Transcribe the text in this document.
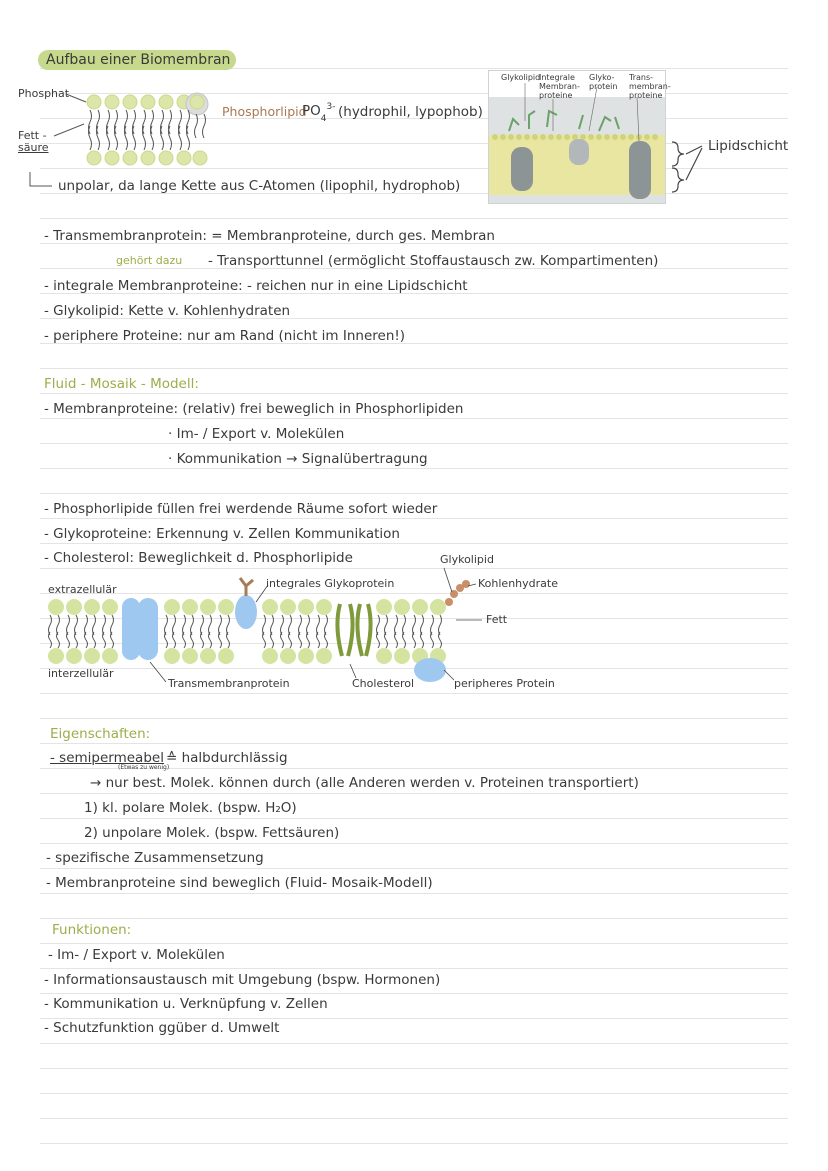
Aufbau einer Biomembran
Phosphat
Fett -
säure
Phosphorlipid
$PO_4^{3-}$ (hydrophil, lypophob)
unpolar, da lange Kette aus C-Atomen (lipophil, hydrophob)
Glykolipid
Integrale Membran-proteine
Glyko-protein
Trans-membran-proteine
Lipidschicht
- Transmembranprotein: = Membranproteine, durch ges. Membran
gehört dazu - Transporttunnel (ermöglicht Stoffaustausch zw. Kompartimenten)
- integrale Membranproteine: - reichen nur in eine Lipidschicht
- Glykolipid: Kette v. Kohlenhydraten
- periphere Proteine: nur am Rand (nicht im Inneren!)
Fluid - Mosaik - Modell:
- Membranproteine: (relativ) frei beweglich in Phosphorlipiden
· Im- / Export v. Molekülen
· Kommunikation → Signalübertragung
- Phosphorlipide füllen frei werdende Räume sofort wieder
- Glykoproteine: Erkennung v. Zellen Kommunikation
- Cholesterol: Beweglichkeit d. Phosphorlipide
extrazellulär
interzellulär
integrales Glykoprotein
Glykolipid
Kohlenhydrate
Fett
Transmembranprotein	Cholesterol	peripheres Protein
Eigenschaften:
- semipermeabel ≙ halbdurchlässig
(Etwas zu wenig)
→ nur best. Molek. können durch (alle Anderen werden v. Proteinen transportiert)
1) kl. polare Molek. (bspw. H₂O)
2) unpolare Molek. (bspw. Fettsäuren)
- spezifische Zusammensetzung
- Membranproteine sind beweglich (Fluid- Mosaik-Modell)
Funktionen:
- Im- / Export v. Molekülen
- Informationsaustausch mit Umgebung (bspw. Hormonen)
- Kommunikation u. Verknüpfung v. Zellen
- Schutzfunktion ggüber d. Umwelt
